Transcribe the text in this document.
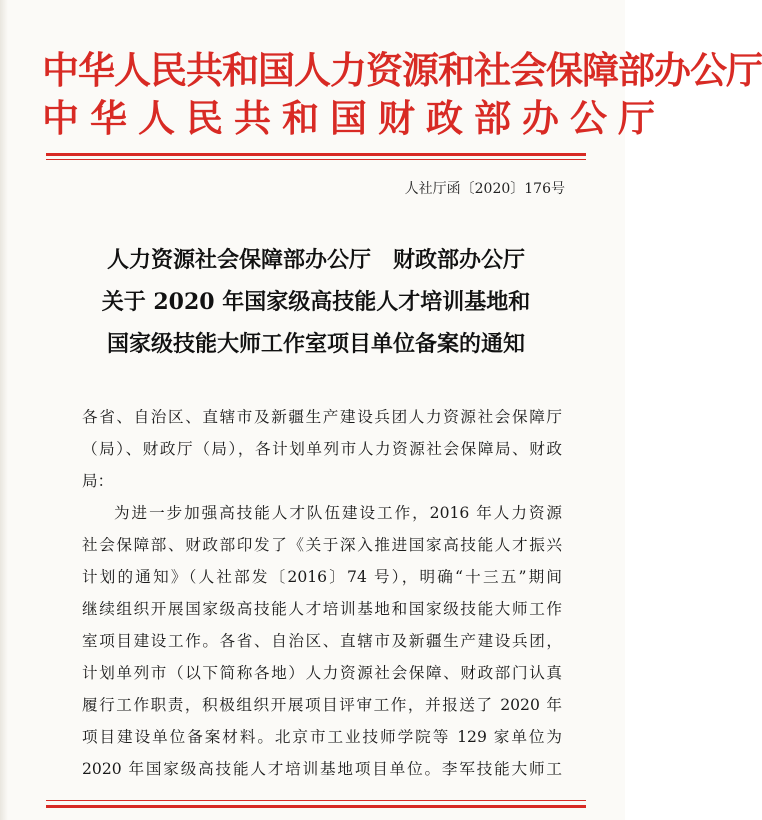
中华人民共和国人力资源和社会保障部办公厅
中华人民共和国财政部办公厅
人社厅函〔2020〕176号
人力资源社会保障部办公厅　财政部办公厅
关于 2020 年国家级高技能人才培训基地和
国家级技能大师工作室项目单位备案的通知
各省、自治区、直辖市及新疆生产建设兵团人力资源社会保障厅
（局）、财政厅（局），各计划单列市人力资源社会保障局、财政
局：
为进一步加强高技能人才队伍建设工作，2016 年人力资源
社会保障部、财政部印发了《关于深入推进国家高技能人才振兴
计划的通知》（人社部发〔2016〕74 号），明确“十三五”期间
继续组织开展国家级高技能人才培训基地和国家级技能大师工作
室项目建设工作。各省、自治区、直辖市及新疆生产建设兵团，
计划单列市（以下简称各地）人力资源社会保障、财政部门认真
履行工作职责，积极组织开展项目评审工作，并报送了 2020 年
项目建设单位备案材料。北京市工业技师学院等 129 家单位为
2020 年国家级高技能人才培训基地项目单位。李军技能大师工
